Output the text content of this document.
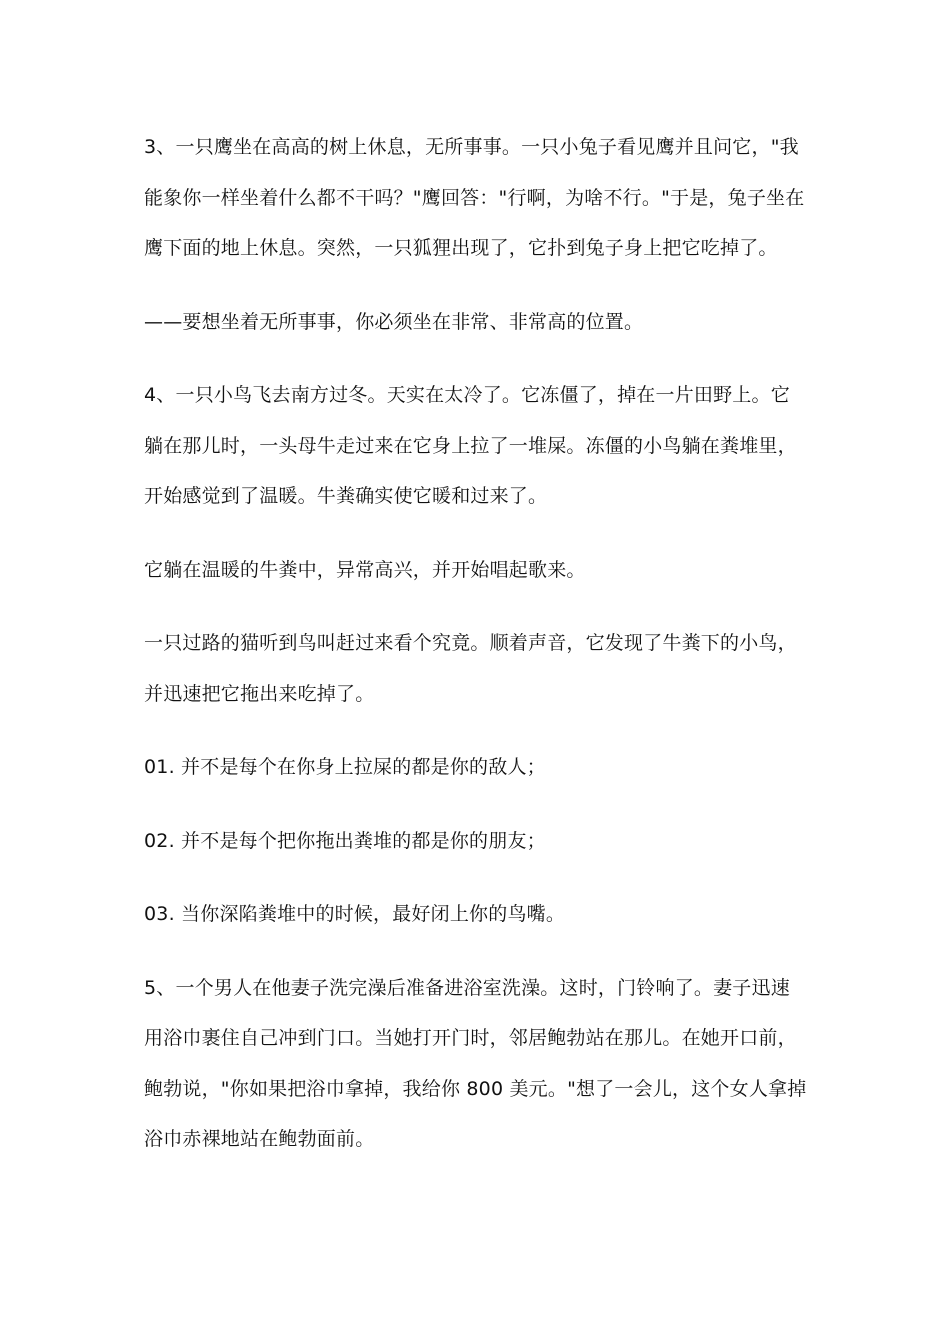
3、一只鹰坐在高高的树上休息，无所事事。一只小兔子看见鹰并且问它，"我能象你一样坐着什么都不干吗？"鹰回答："行啊，为啥不行。"于是，兔子坐在鹰下面的地上休息。突然，一只狐狸出现了，它扑到兔子身上把它吃掉了。

——要想坐着无所事事，你必须坐在非常、非常高的位置。

4、一只小鸟飞去南方过冬。天实在太冷了。它冻僵了，掉在一片田野上。它躺在那儿时，一头母牛走过来在它身上拉了一堆屎。冻僵的小鸟躺在粪堆里，开始感觉到了温暖。牛粪确实使它暖和过来了。

它躺在温暖的牛粪中，异常高兴，并开始唱起歌来。

一只过路的猫听到鸟叫赶过来看个究竟。顺着声音，它发现了牛粪下的小鸟，并迅速把它拖出来吃掉了。

01. 并不是每个在你身上拉屎的都是你的敌人；

02. 并不是每个把你拖出粪堆的都是你的朋友；

03. 当你深陷粪堆中的时候，最好闭上你的鸟嘴。

5、一个男人在他妻子洗完澡后准备进浴室洗澡。这时，门铃响了。妻子迅速用浴巾裹住自己冲到门口。当她打开门时，邻居鲍勃站在那儿。在她开口前，鲍勃说，"你如果把浴巾拿掉，我给你 800 美元。"想了一会儿，这个女人拿掉浴巾赤裸地站在鲍勃面前。
